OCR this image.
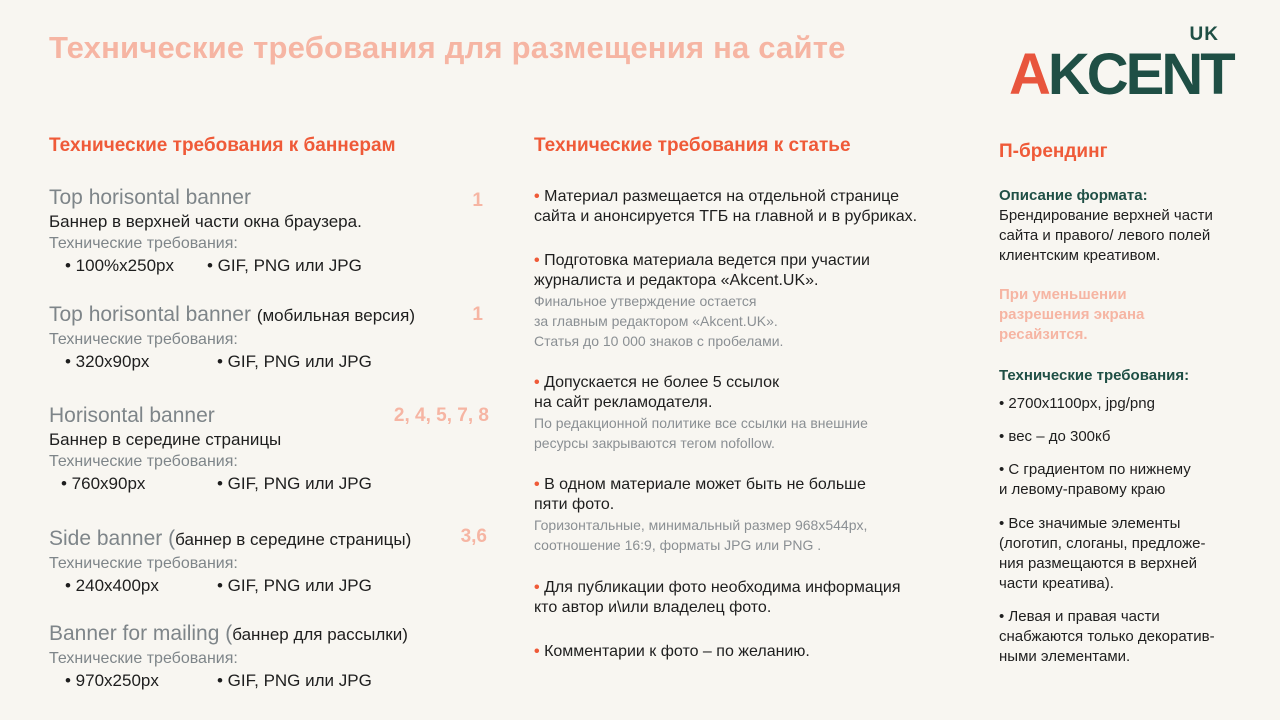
Технические требования для размещения на сайте	UK
AKCENT
Технические требования к баннерам
Top horisontal banner
Баннер в верхней части окна браузера.
Технические требования:
• 100%x250px • GIF, PNG или JPG
1
Top horisontal banner (мобильная версия)
Технические требования:
• 320x90px	• GIF, PNG или JPG
1
Horisontal banner
Баннер в середине страницы
Технические требования:
• 760x90px	• GIF, PNG или JPG
2, 4, 5, 7, 8
Side banner (баннер в середине страницы)
Технические требования:
• 240x400px	• GIF, PNG или JPG
3,6
Banner for mailing (баннер для рассылки)
Технические требования:
• 970x250px	• GIF, PNG или JPG
Технические требования к статье
• Материал размещается на отдельной странице
сайта и анонсируется ТГБ на главной и в рубриках.
• Подготовка материала ведется при участии
журналиста и редактора «Akcent.UK».
Финальное утверждение остается
за главным редактором «Akcent.UK».
Статья до 10 000 знаков с пробелами.
• Допускается не более 5 ссылок
на сайт рекламодателя.
По редакционной политике все ссылки на внешние
ресурсы закрываются тегом nofollow.
• В одном материале может быть не больше
пяти фото.
Горизонтальные, минимальный размер 968x544px,
соотношение 16:9, форматы JPG или PNG .
• Для публикации фото необходима информация
кто автор и\или владелец фото.
• Комментарии к фото – по желанию.
П-брендинг
Описание формата:
Брендирование верхней части
сайта и правого/ левого полей
клиентским креативом.
При уменьшении
разрешения экрана
ресайзится.
Технические требования:
• 2700x1100px, jpg/png
• вес – до 300кб
• С градиентом по нижнему
и левому-правому краю
• Все значимые элементы
(логотип, слоганы, предложе-
ния размещаются в верхней
части креатива).
• Левая и правая части
снабжаются только декоратив-
ными элементами.
